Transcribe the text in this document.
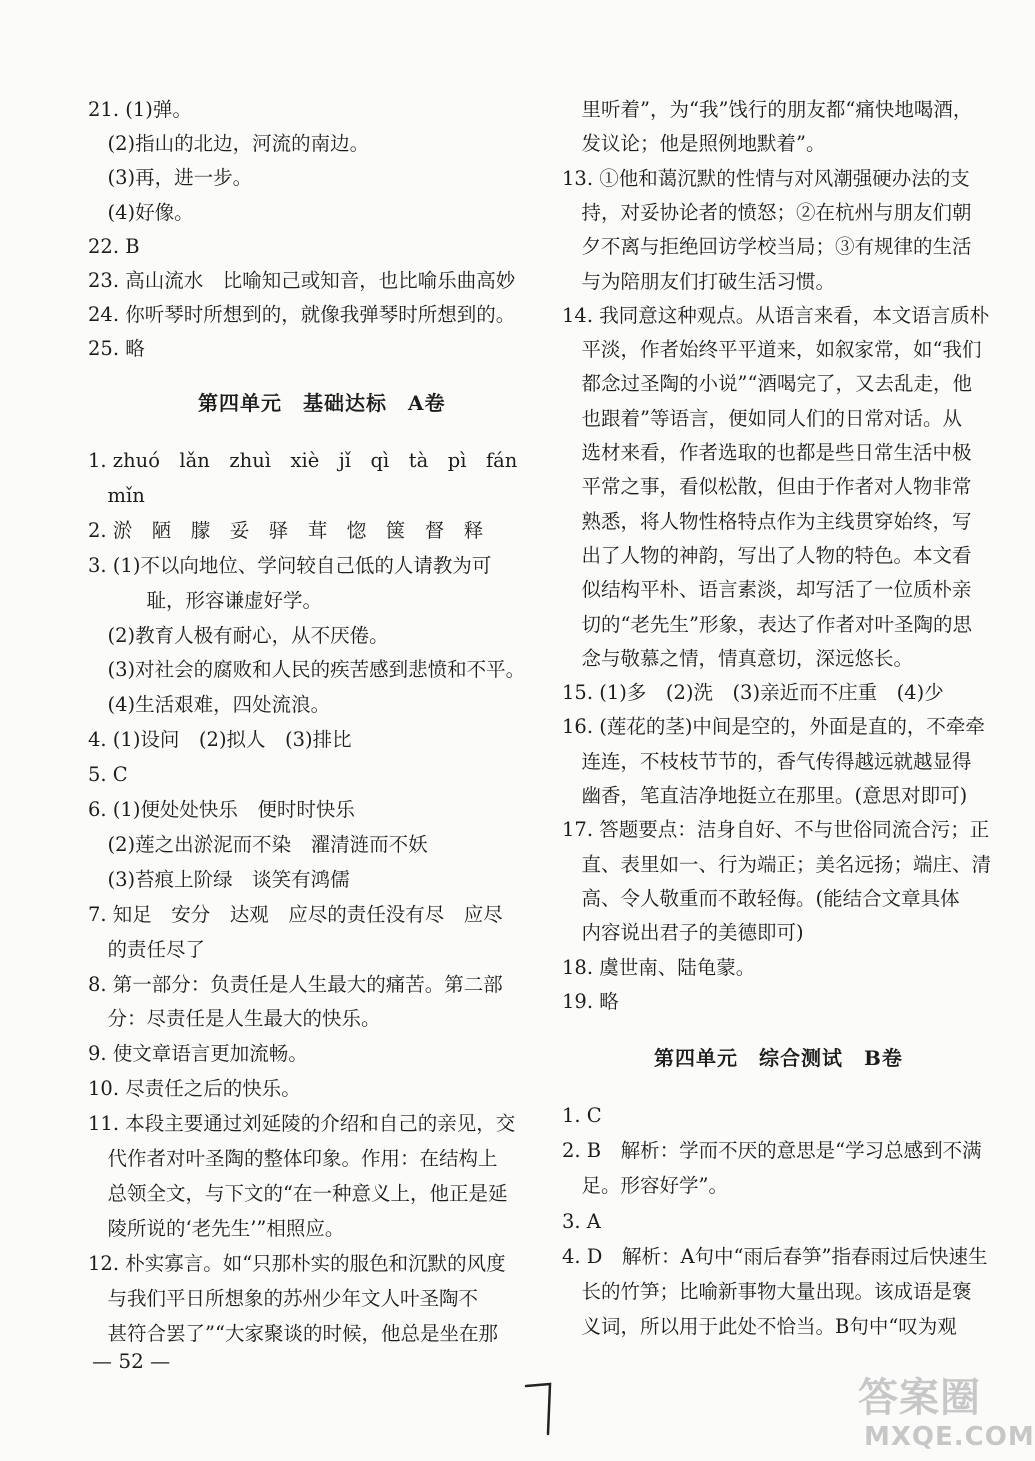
21. (1)弹。
　(2)指山的北边，河流的南边。
　(3)再，进一步。
　(4)好像。
22. B
23. 高山流水　比喻知己或知音，也比喻乐曲高妙
24. 你听琴时所想到的，就像我弹琴时所想到的。
25. 略
1. zhuó　lǎn　zhuì　xiè　jǐ　qì　tà　pì　fán
　mǐn
2. 淤　陋　朦　妥　驿　茸　惚　箧　督　释
3. (1)不以向地位、学问较自己低的人请教为可
　　　耻，形容谦虚好学。
　(2)教育人极有耐心，从不厌倦。
　(3)对社会的腐败和人民的疾苦感到悲愤和不平。
　(4)生活艰难，四处流浪。
4. (1)设问　(2)拟人　(3)排比
5. C
6. (1)便处处快乐　便时时快乐
　(2)莲之出淤泥而不染　濯清涟而不妖
　(3)苔痕上阶绿　谈笑有鸿儒
7. 知足　安分　达观　应尽的责任没有尽　应尽
　的责任尽了
8. 第一部分：负责任是人生最大的痛苦。第二部
　分：尽责任是人生最大的快乐。
9. 使文章语言更加流畅。
10. 尽责任之后的快乐。
11. 本段主要通过刘延陵的介绍和自己的亲见，交
　代作者对叶圣陶的整体印象。作用：在结构上
　总领全文，与下文的“在一种意义上，他正是延
　陵所说的‘老先生’”相照应。
12. 朴实寡言。如“只那朴实的服色和沉默的风度
　与我们平日所想象的苏州少年文人叶圣陶不
　甚符合罢了”“大家聚谈的时候，他总是坐在那
第四单元　基础达标　A卷
　里听着”，为“我”饯行的朋友都“痛快地喝酒，
　发议论；他是照例地默着”。
13. ①他和蔼沉默的性情与对风潮强硬办法的支
　持，对妥协论者的愤怒；②在杭州与朋友们朝
　夕不离与拒绝回访学校当局；③有规律的生活
　与为陪朋友们打破生活习惯。
14. 我同意这种观点。从语言来看，本文语言质朴
　平淡，作者始终平平道来，如叙家常，如“我们
　都念过圣陶的小说”“酒喝完了，又去乱走，他
　也跟着”等语言，便如同人们的日常对话。从
　选材来看，作者选取的也都是些日常生活中极
　平常之事，看似松散，但由于作者对人物非常
　熟悉，将人物性格特点作为主线贯穿始终，写
　出了人物的神韵，写出了人物的特色。本文看
　似结构平朴、语言素淡，却写活了一位质朴亲
　切的“老先生”形象，表达了作者对叶圣陶的思
　念与敬慕之情，情真意切，深远悠长。
15. (1)多　(2)洗　(3)亲近而不庄重　(4)少
16. (莲花的茎)中间是空的，外面是直的，不牵牵
　连连，不枝枝节节的，香气传得越远就越显得
　幽香，笔直洁净地挺立在那里。(意思对即可)
17. 答题要点：洁身自好、不与世俗同流合污；正
　直、表里如一、行为端正；美名远扬；端庄、清
　高、令人敬重而不敢轻侮。(能结合文章具体
　内容说出君子的美德即可)
18. 虞世南、陆龟蒙。
19. 略
1. C
2. B　解析：学而不厌的意思是“学习总感到不满
　足。形容好学”。
3. A
4. D　解析：A句中“雨后春笋”指春雨过后快速生
　长的竹笋；比喻新事物大量出现。该成语是褒
　义词，所以用于此处不恰当。B句中“叹为观
第四单元　综合测试　B卷
— 52 —
答案圈
MXQE.COM
